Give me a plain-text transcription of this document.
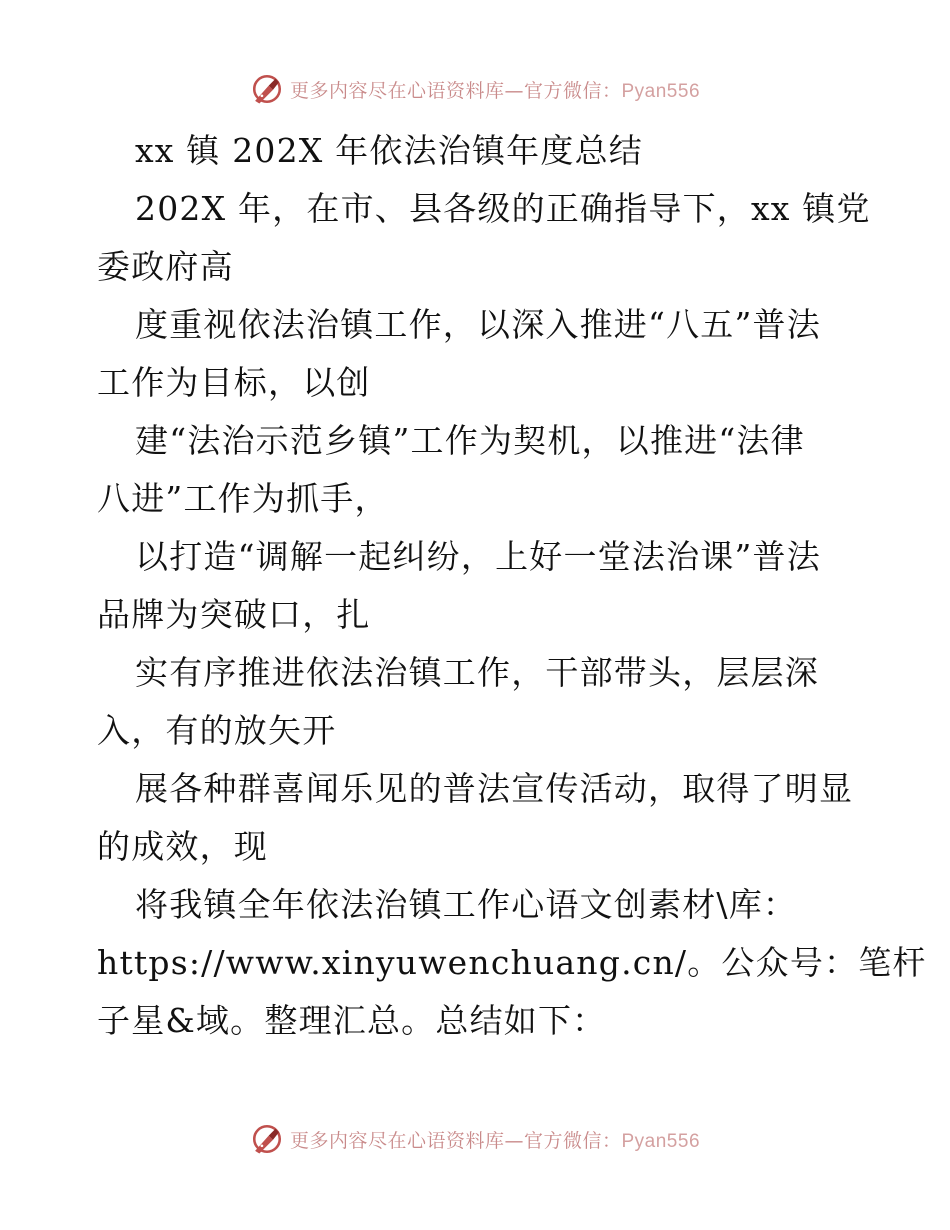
更多内容尽在心语资料库—官方微信：Pyan556
xx 镇 202X 年依法治镇年度总结
202X 年，在市、县各级的正确指导下，xx 镇党
委政府高
度重视依法治镇工作，以深入推进“八五”普法
工作为目标，以创
建“法治示范乡镇”工作为契机，以推进“法律
八进”工作为抓手，
以打造“调解一起纠纷，上好一堂法治课”普法
品牌为突破口，扎
实有序推进依法治镇工作，干部带头，层层深
入，有的放矢开
展各种群喜闻乐见的普法宣传活动，取得了明显
的成效，现
将我镇全年依法治镇工作心语文创素材\库：
https://www.xinyuwenchuang.cn/。公众号：笔杆
子星&域。整理汇总。总结如下：
更多内容尽在心语资料库—官方微信：Pyan556
